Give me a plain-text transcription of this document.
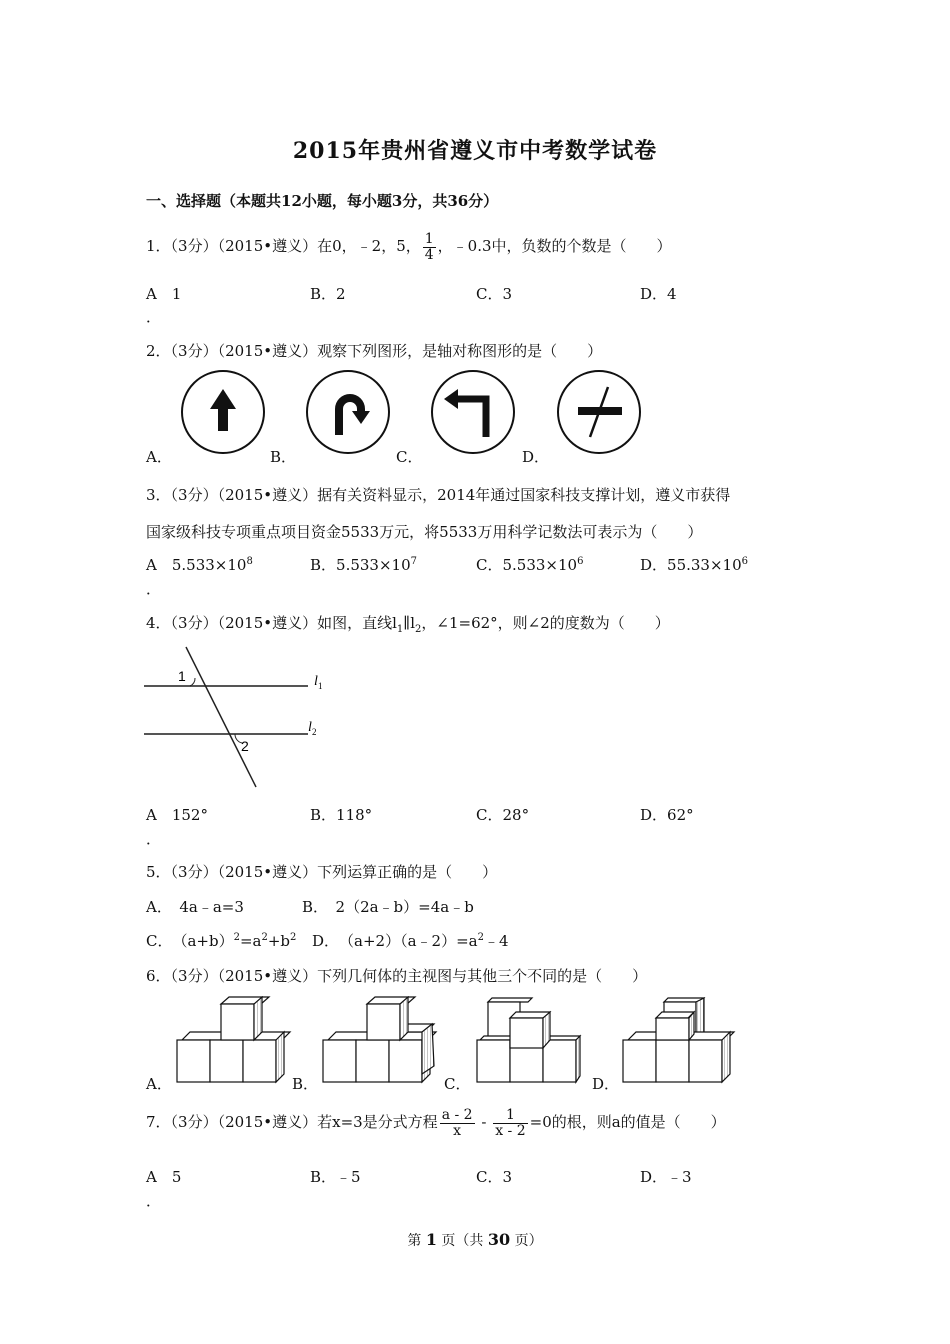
2015年贵州省遵义市中考数学试卷
一、选择题（本题共12小题，每小题3分，共36分）
1．（3分）（2015•遵义）在0，﹣2，5， $\frac{1}{4}$ ，﹣0.3中，负数的个数是（　　）
A　1	B．2	C．3	D．4
．
2．（3分）（2015•遵义）观察下列图形，是轴对称图形的是（　　）
A．	B．	C．	D．
3．（3分）（2015•遵义）据有关资料显示，2014年通过国家科技支撑计划，遵义市获得
国家级科技专项重点项目资金5533万元，将5533万用科学记数法可表示为（　　）
A　 $5.533\times 10^8$	B．$5.533\times 10^7$	C．$5.533\times 10^6$	D．$55.33\times 10^6$
．
4．（3分）（2015•遵义）如图，直线$l_1\parallel l_2$，∠1=62°，则∠2的度数为（　　）
1
2
l 1
l 2
A　152°	B．118°	C．28°	D．62°
．
5．（3分）（2015•遵义）下列运算正确的是（　　）
A．　4a﹣a=3	B．　2（2a﹣b）=4a﹣b
C．　$(a+b)^2=a^2+b^2$ D．　$(a+2)(a﹣2)=a^2﹣4$
6．（3分）（2015•遵义）下列几何体的主视图与其他三个不同的是（　　）
A．	B．	C．	D．
7．（3分）（2015•遵义）若x=3是分式方程 $\frac{a - 2}{x} - \frac{1}{x - 2} =0$的根，则a的值是（　　）
A　5	B．﹣5	C．3	D．﹣3
．
第 1 页（共 30 页）
